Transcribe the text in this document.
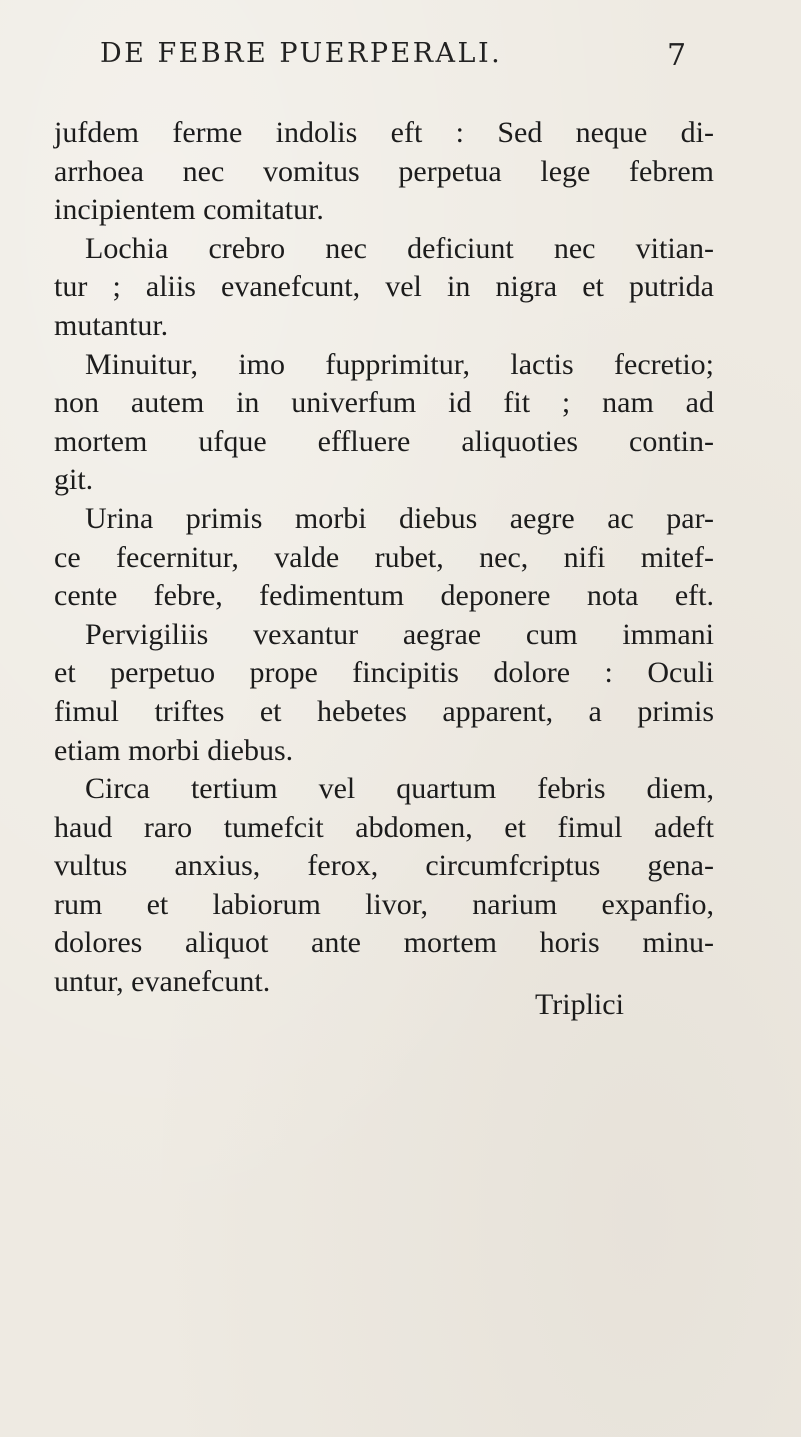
DE FEBRE PUERPERALI.	7
jufdem ferme indolis eft : Sed neque di-
arrhoea nec vomitus perpetua lege febrem
incipientem comitatur.
Lochia crebro nec deficiunt nec vitian-
tur ; aliis evanefcunt, vel in nigra et putrida
mutantur.
Minuitur, imo fupprimitur, lactis fecretio;
non autem in univerfum id fit ; nam ad
mortem ufque effluere aliquoties contin-
git.
Urina primis morbi diebus aegre ac par-
ce fecernitur, valde rubet, nec, nifi mitef-
cente febre, fedimentum deponere nota eft.
Pervigiliis vexantur aegrae cum immani
et perpetuo prope fincipitis dolore : Oculi
fimul triftes et hebetes apparent, a primis
etiam morbi diebus.
Circa tertium vel quartum febris diem,
haud raro tumefcit abdomen, et fimul adeft
vultus anxius, ferox, circumfcriptus gena-
rum et labiorum livor, narium expanfio,
dolores aliquot ante mortem horis minu-
untur, evanefcunt.
Triplici
